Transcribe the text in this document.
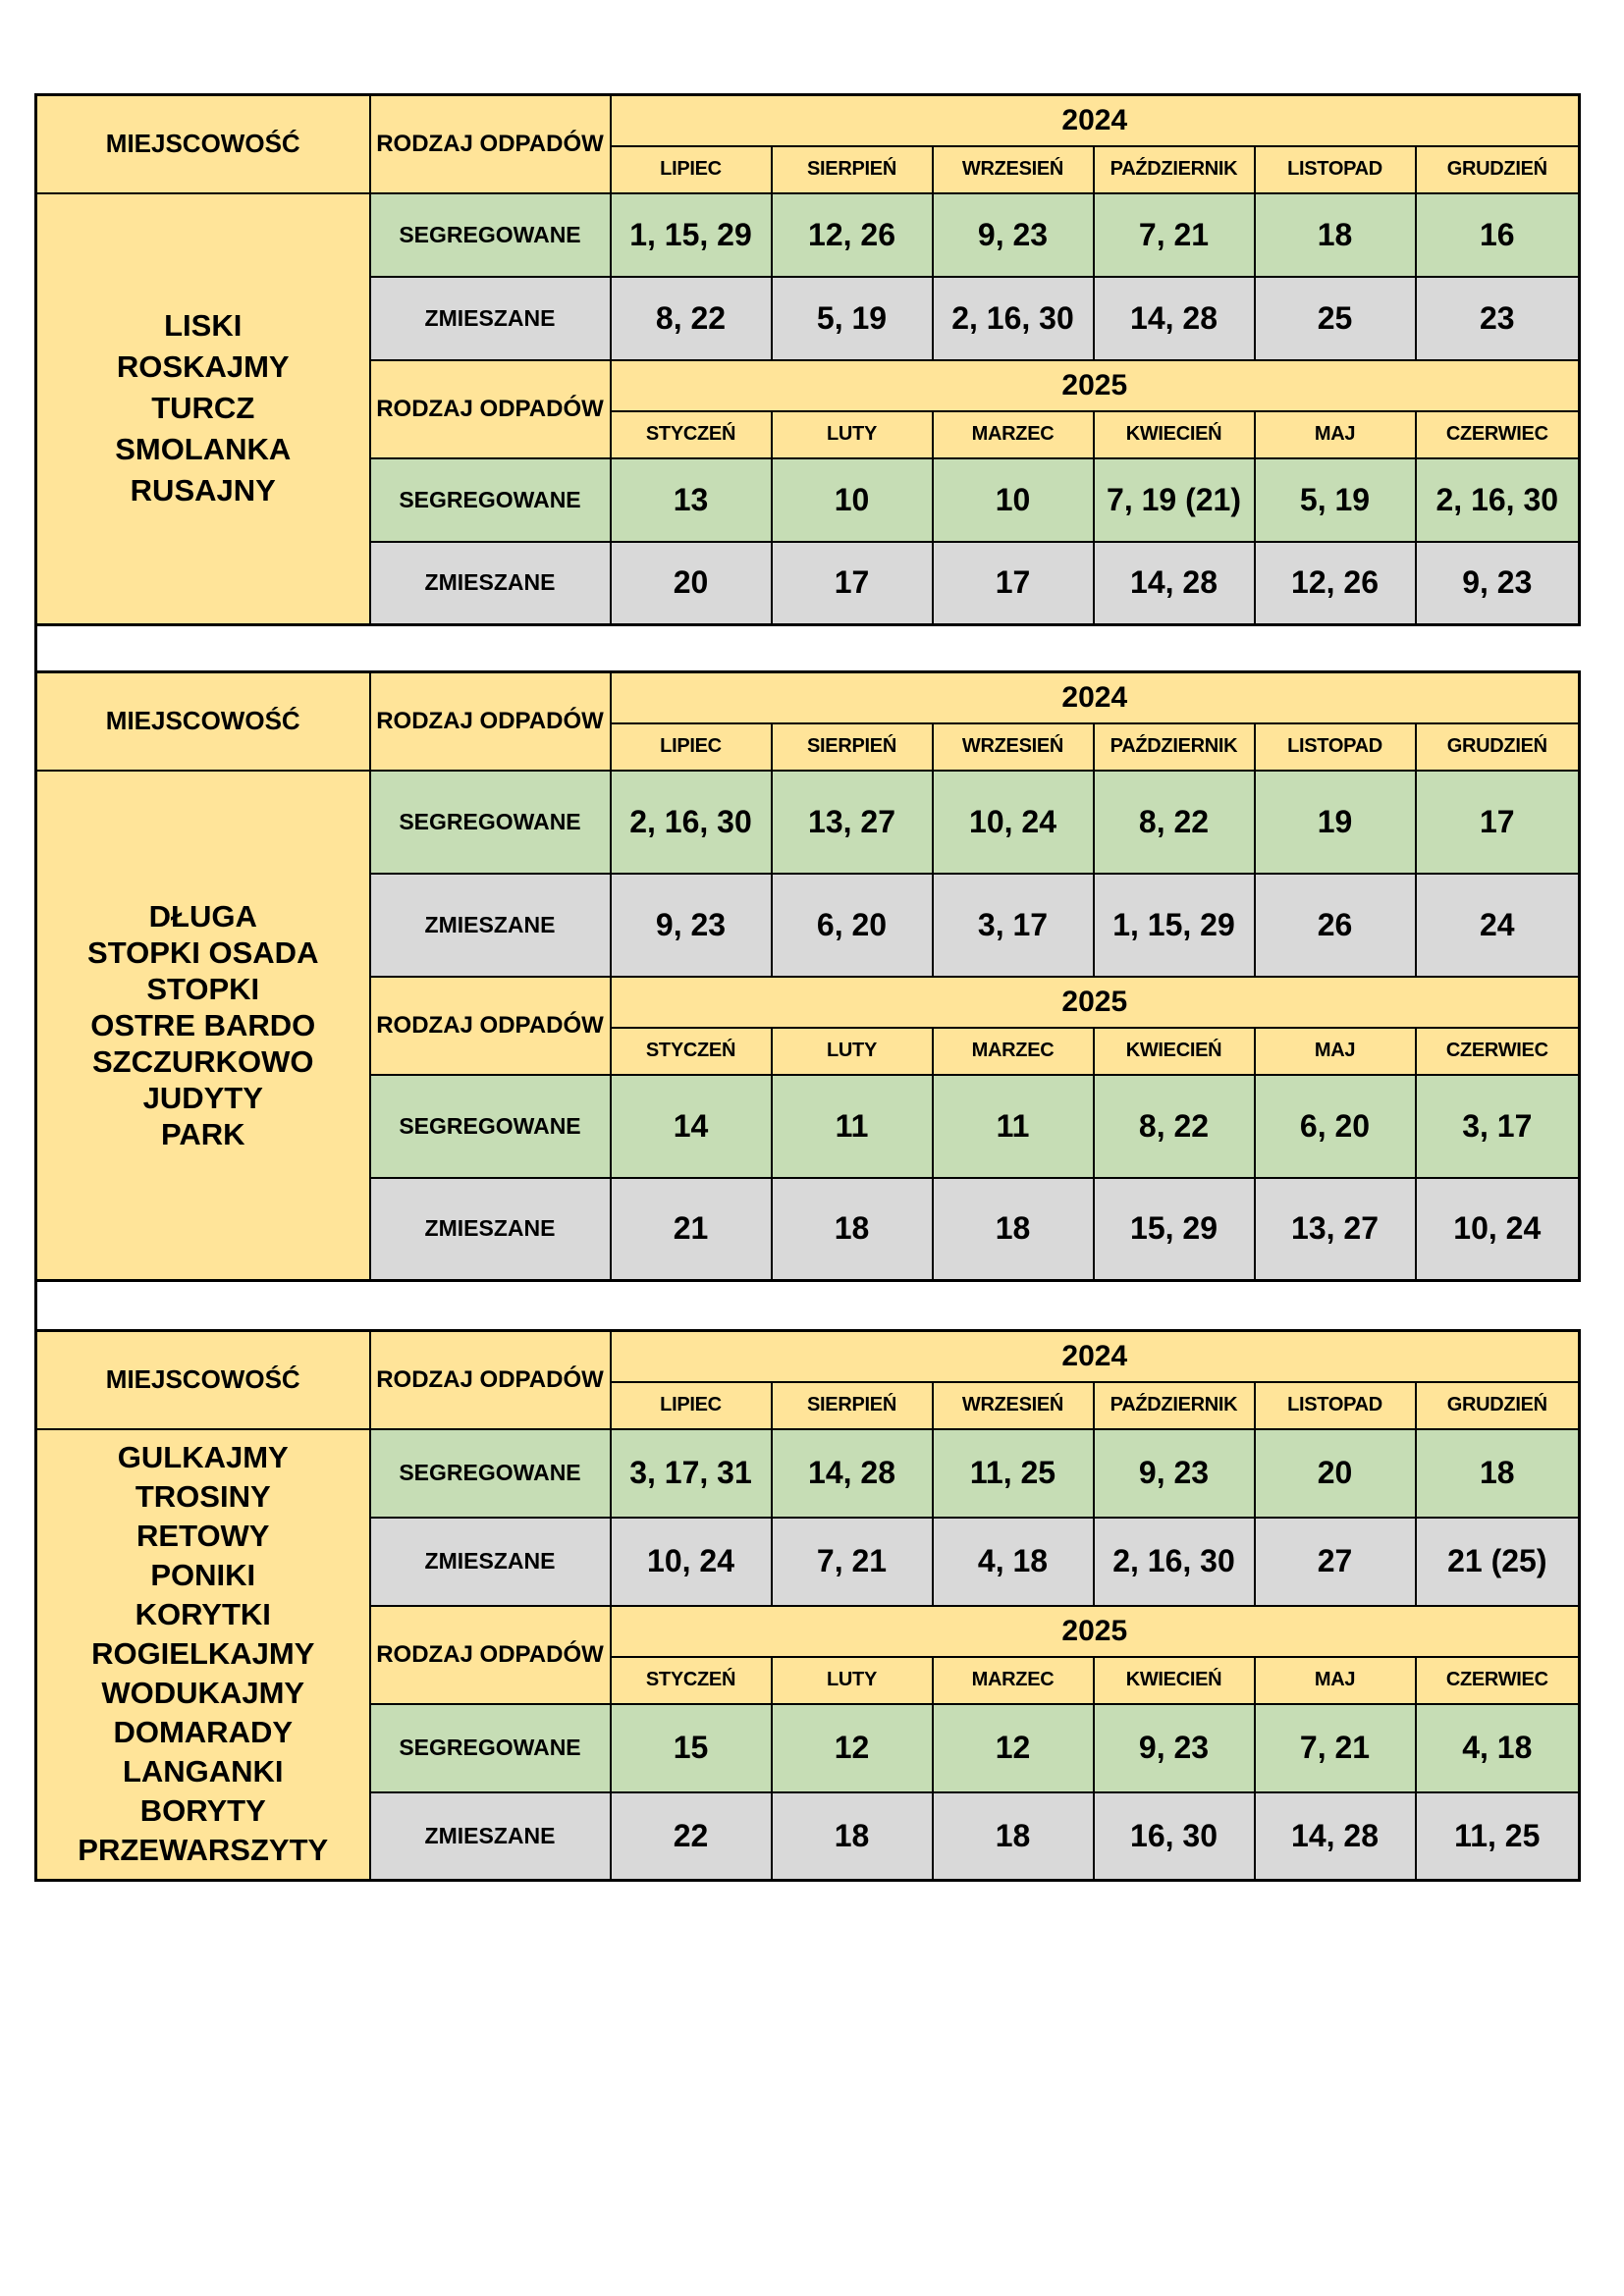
MIEJSCOWOŚĆ	RODZAJ ODPADÓW	2024					
		LIPIEC	SIERPIEŃ	WRZESIEŃ	PAŹDZIERNIK	LISTOPAD	GRUDZIEŃ

LISKI
ROSKAJMY
TURCZ
SMOLANKA
RUSAJNY	SEGREGOWANE	1, 15, 29	12, 26	9, 23	7, 21	18	16
	ZMIESZANE	8, 22	5, 19	2, 16, 30	14, 28	25	23
	RODZAJ ODPADÓW	2025					
		STYCZEŃ	LUTY	MARZEC	KWIECIEŃ	MAJ	CZERWIEC
	SEGREGOWANE	13	10	10	7, 19 (21)	5, 19	2, 16, 30
	ZMIESZANE	20	17	17	14, 28	12, 26	9, 23
MIEJSCOWOŚĆ	RODZAJ ODPADÓW	2024					
		LIPIEC	SIERPIEŃ	WRZESIEŃ	PAŹDZIERNIK	LISTOPAD	GRUDZIEŃ

DŁUGA
STOPKI OSADA
STOPKI
OSTRE BARDO
SZCZURKOWO
JUDYTY
PARK
	SEGREGOWANE	2, 16, 30	13, 27	10, 24	8, 22	19	17
	ZMIESZANE	9, 23	6, 20	3, 17	1, 15, 29	26	24
	RODZAJ ODPADÓW	2025					
		STYCZEŃ	LUTY	MARZEC	KWIECIEŃ	MAJ	CZERWIEC
	SEGREGOWANE	14	11	11	8, 22	6, 20	3, 17
	ZMIESZANE	21	18	18	15, 29	13, 27	10, 24
MIEJSCOWOŚĆ	RODZAJ ODPADÓW	2024					
		LIPIEC	SIERPIEŃ	WRZESIEŃ	PAŹDZIERNIK	LISTOPAD	GRUDZIEŃ

GULKAJMY
TROSINY
RETOWY
PONIKI
KORYTKI
ROGIELKAJMY
WODUKAJMY
DOMARADY
LANGANKI
BORYTY
PRZEWARSZYTY
	SEGREGOWANE	3, 17, 31	14, 28	11, 25	9, 23	20	18
	ZMIESZANE	10, 24	7, 21	4, 18	2, 16, 30	27	21 (25)
	RODZAJ ODPADÓW	2025					
		STYCZEŃ	LUTY	MARZEC	KWIECIEŃ	MAJ	CZERWIEC
	SEGREGOWANE	15	12	12	9, 23	7, 21	4, 18
	ZMIESZANE	22	18	18	16, 30	14, 28	11, 25
